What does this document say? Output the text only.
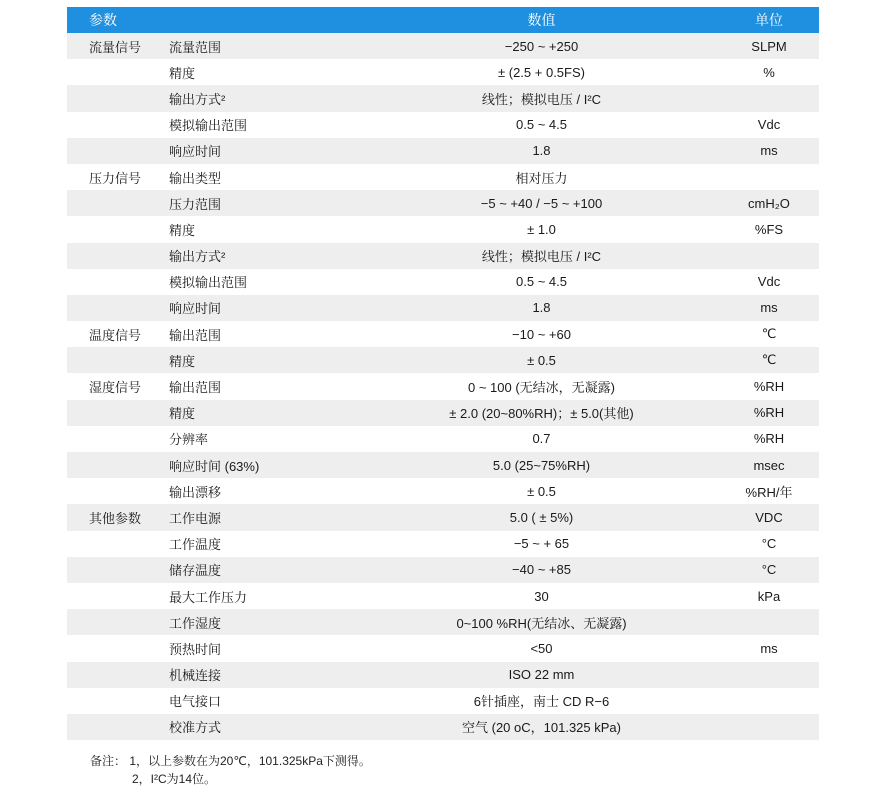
参数		数值	单位
流量信号	流量范围	−250 ~ +250	SLPM
	精度	± (2.5 + 0.5FS)	%
	输出方式²	线性；模拟电压 / I²C	
	模拟输出范围	0.5 ~ 4.5	Vdc
	响应时间	1.8	ms
压力信号	输出类型	相对压力	
	压力范围	−5 ~ +40 / −5 ~ +100	cmH₂O
	精度	± 1.0	%FS
	输出方式²	线性；模拟电压 / I²C	
	模拟输出范围	0.5 ~ 4.5	Vdc
	响应时间	1.8	ms
温度信号	输出范围	−10 ~ +60	℃
	精度	± 0.5	℃
湿度信号	输出范围	0 ~ 100 (无结冰，无凝露)	%RH
	精度	± 2.0 (20~80%RH)；± 5.0(其他)	%RH
	分辨率	0.7	%RH
	响应时间 (63%)	5.0 (25~75%RH)	msec
	输出漂移	± 0.5	%RH/年
其他参数	工作电源	5.0 ( ± 5%)	VDC
	工作温度	−5 ~ + 65	°C
	储存温度	−40 ~ +85	°C
	最大工作压力	30	kPa
	工作湿度	0~100 %RH(无结冰、无凝露)	
	预热时间	<50	ms
	机械连接	ISO 22 mm	
	电气接口	6针插座，南士 CD R−6	
	校准方式	空气 (20 oC，101.325 kPa)	
备注： 1，以上参数在为20℃，101.325kPa下测得。
2，I²C为14位。
